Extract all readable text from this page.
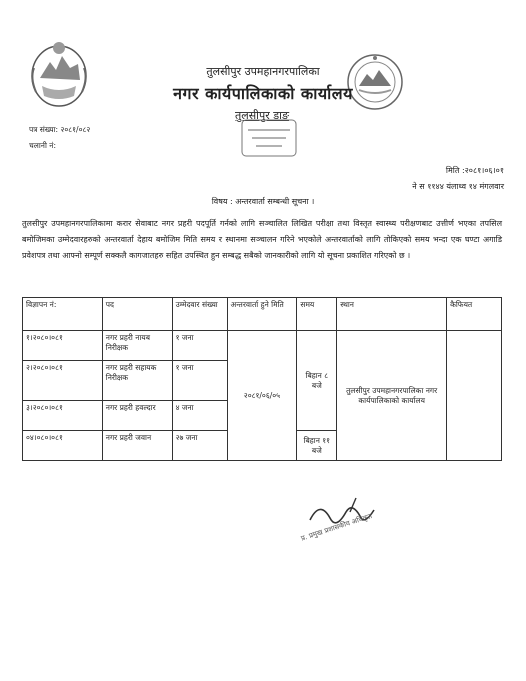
तुलसीपुर उपमहानगरपालिका
नगर कार्यपालिकाको कार्यालय
तुलसीपुर डाङ
पत्र संख्या: २०८१/०८२
चलानी नं:
मिति :२०८१।०६।०१
ने स ११४४ यंलाथ्व १४ मंगलवार
विषय : अन्तरवार्ता सम्बन्धी सूचना ।
तुलसीपुर उपमहानगरपालिकामा करार सेवाबाट नगर प्रहरी पदपूर्ति गर्नको लागि सञ्चालित लिखित परीक्षा तथा विस्तृत स्वास्थ्य परीक्षणबाट उत्तीर्ण भएका तपसिल बमोजिमका उम्मेदवारहरुको अन्तरवार्ता देहाय बमोजिम मिति समय र स्थानमा सञ्चालन गरिने भएकोले अन्तरवार्ताको लागि तोकिएको समय भन्दा एक घण्टा अगाडि प्रवेशपत्र तथा आफ्नो सम्पूर्ण सक्कलै कागजातहरु सहित उपस्थित हुन सम्बद्ध सबैको जानकारीको लागि यो सूचना प्रकाशित गरिएको छ ।
विज्ञापन नं:	पद	उम्मेदवार संख्या	अन्तरवार्ता हुने मिति	समय	स्थान	कैफियत
१।२०८०।०८१	नगर प्रहरी नायब निरीक्षक	१ जना	२०८१/०६/०५	बिहान ८ बजे	तुलसीपुर उपमहानगरपालिका नगर कार्यपालिकाको कार्यालय	
२।२०८०।०८१	नगर प्रहरी सहायक निरीक्षक	१ जना				
३।२०८०।०८१	नगर प्रहरी हवल्दार	४ जना				
०४।०८०।०८१	नगर प्रहरी जवान	२७ जना		बिहान ११ बजे		
प्र. प्रमुख प्रशासकीय अधिकृत
